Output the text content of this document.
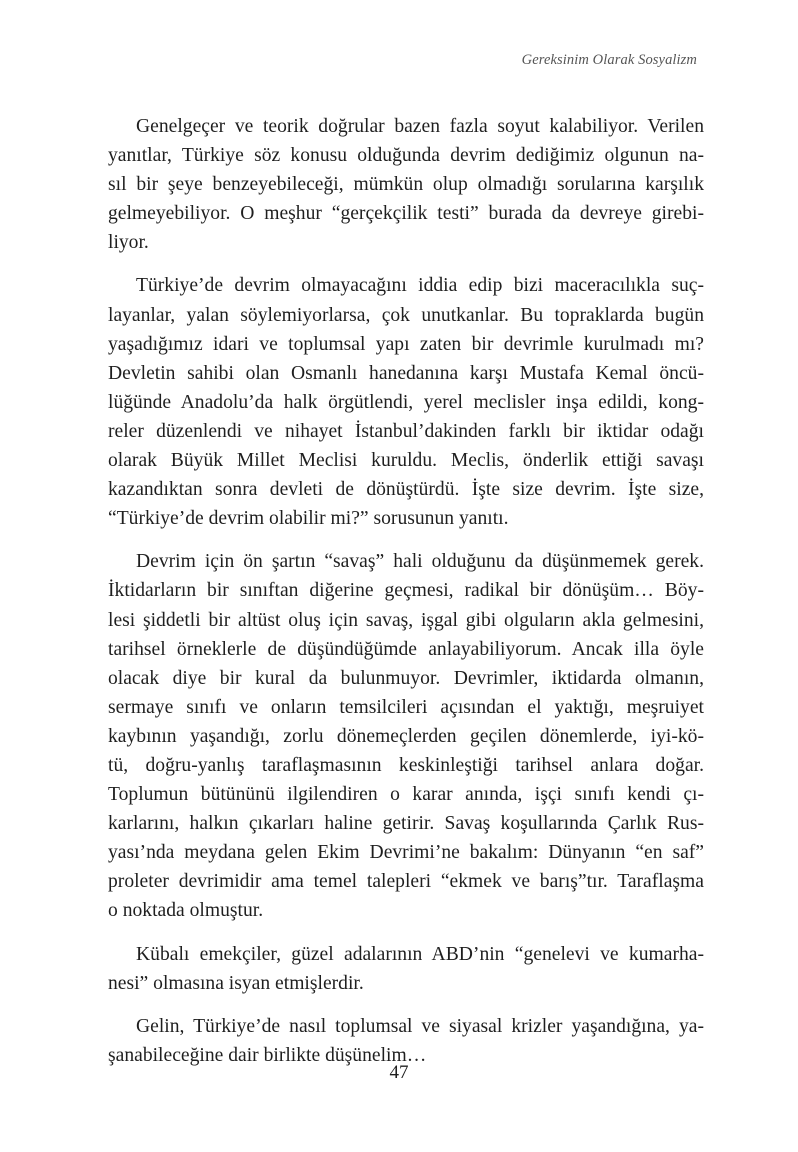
Gereksinim Olarak Sosyalizm

Genelgeçer ve teorik doğrular bazen fazla soyut kalabiliyor. Verilen
yanıtlar, Türkiye söz konusu olduğunda devrim dediğimiz olgunun na-
sıl bir şeye benzeyebileceği, mümkün olup olmadığı sorularına karşılık
gelmeyebiliyor. O meşhur “gerçekçilik testi” burada da devreye girebi-
liyor.

Türkiye’de devrim olmayacağını iddia edip bizi maceracılıkla suç-
layanlar, yalan söylemiyorlarsa, çok unutkanlar. Bu topraklarda bugün
yaşadığımız idari ve toplumsal yapı zaten bir devrimle kurulmadı mı?
Devletin sahibi olan Osmanlı hanedanına karşı Mustafa Kemal öncü-
lüğünde Anadolu’da halk örgütlendi, yerel meclisler inşa edildi, kong-
reler düzenlendi ve nihayet İstanbul’dakinden farklı bir iktidar odağı
olarak Büyük Millet Meclisi kuruldu. Meclis, önderlik ettiği savaşı
kazandıktan sonra devleti de dönüştürdü. İşte size devrim. İşte size,
“Türkiye’de devrim olabilir mi?” sorusunun yanıtı.

Devrim için ön şartın “savaş” hali olduğunu da düşünmemek gerek.
İktidarların bir sınıftan diğerine geçmesi, radikal bir dönüşüm… Böy-
lesi şiddetli bir altüst oluş için savaş, işgal gibi olguların akla gelmesini,
tarihsel örneklerle de düşündüğümde anlayabiliyorum. Ancak illa öyle
olacak diye bir kural da bulunmuyor. Devrimler, iktidarda olmanın,
sermaye sınıfı ve onların temsilcileri açısından el yaktığı, meşruiyet
kaybının yaşandığı, zorlu dönemeçlerden geçilen dönemlerde, iyi-kö-
tü, doğru-yanlış taraflaşmasının keskinleştiği tarihsel anlara doğar.
Toplumun bütününü ilgilendiren o karar anında, işçi sınıfı kendi çı-
karlarını, halkın çıkarları haline getirir. Savaş koşullarında Çarlık Rus-
yası’nda meydana gelen Ekim Devrimi’ne bakalım: Dünyanın “en saf”
proleter devrimidir ama temel talepleri “ekmek ve barış”tır. Taraflaşma
o noktada olmuştur.

Kübalı emekçiler, güzel adalarının ABD’nin “genelevi ve kumarha-
nesi” olmasına isyan etmişlerdir.

Gelin, Türkiye’de nasıl toplumsal ve siyasal krizler yaşandığına, ya-
şanabileceğine dair birlikte düşünelim…

47
